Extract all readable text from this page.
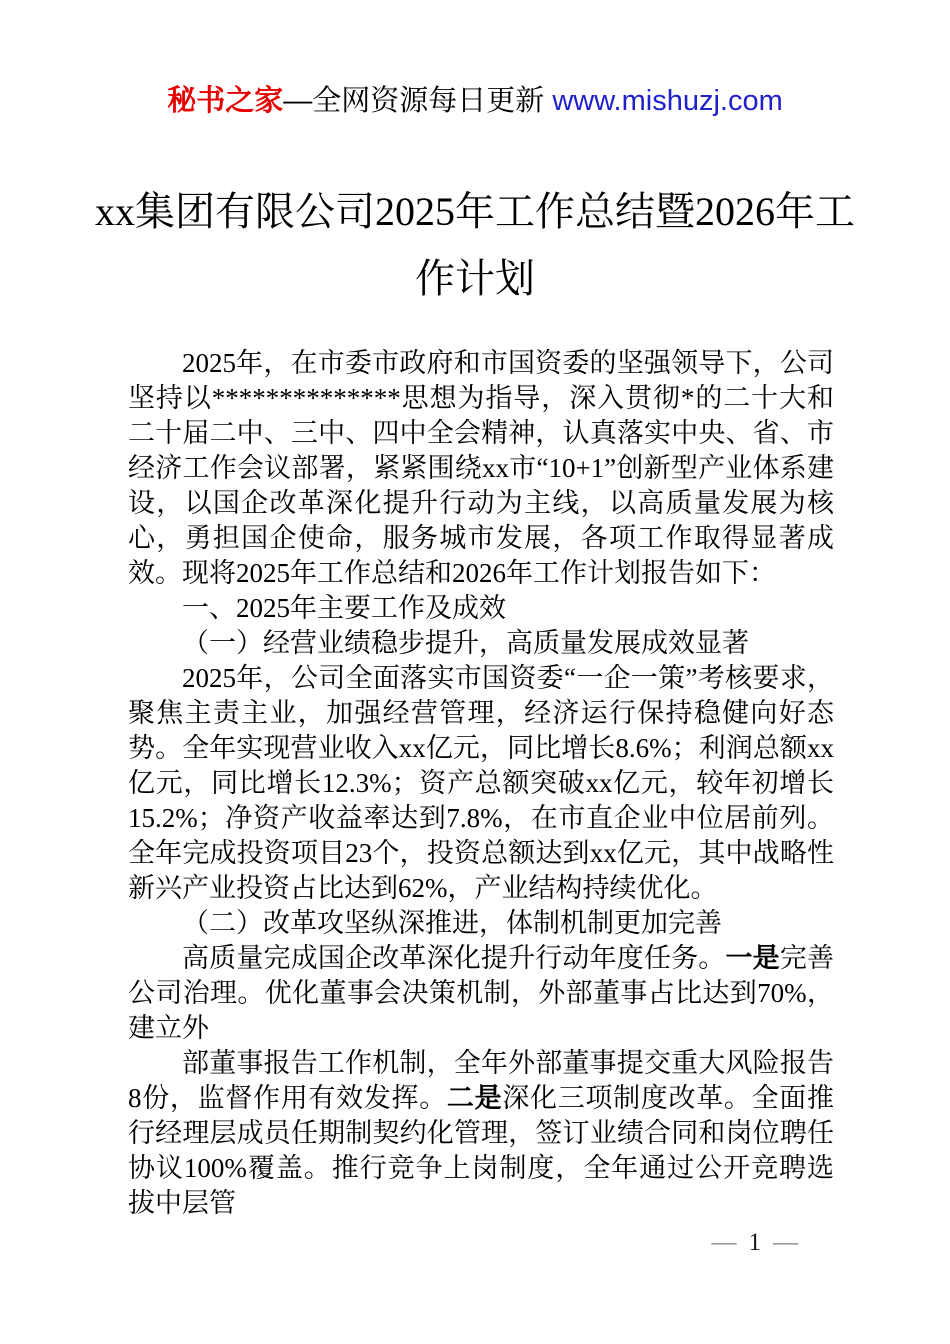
秘书之家—全网资源每日更新 www.mishuzj.com
xx集团有限公司2025年工作总结暨2026年工作计划

2025年，在市委市政府和市国资委的坚强领导下，公司坚持以**************思想为指导，深入贯彻*的二十大和二十届二中、三中、四中全会精神，认真落实中央、省、市经济工作会议部署，紧紧围绕xx市“10+1”创新型产业体系建设，以国企改革深化提升行动为主线，以高质量发展为核心，勇担国企使命，服务城市发展，各项工作取得显著成效。现将2025年工作总结和2026年工作计划报告如下：

一、2025年主要工作及成效

（一）经营业绩稳步提升，高质量发展成效显著

2025年，公司全面落实市国资委“一企一策”考核要求，聚焦主责主业，加强经营管理，经济运行保持稳健向好态势。全年实现营业收入xx亿元，同比增长8.6%；利润总额xx亿元，同比增长12.3%；资产总额突破xx亿元，较年初增长15.2%；净资产收益率达到7.8%，在市直企业中位居前列。全年完成投资项目23个，投资总额达到xx亿元，其中战略性新兴产业投资占比达到62%，产业结构持续优化。

（二）改革攻坚纵深推进，体制机制更加完善

高质量完成国企改革深化提升行动年度任务。一是完善公司治理。优化董事会决策机制，外部董事占比达到70%，建立外

部董事报告工作机制，全年外部董事提交重大风险报告8份，监督作用有效发挥。二是深化三项制度改革。全面推行经理层成员任期制契约化管理，签订业绩合同和岗位聘任协议100%覆盖。推行竞争上岗制度，全年通过公开竞聘选拔中层管

— 1 —
